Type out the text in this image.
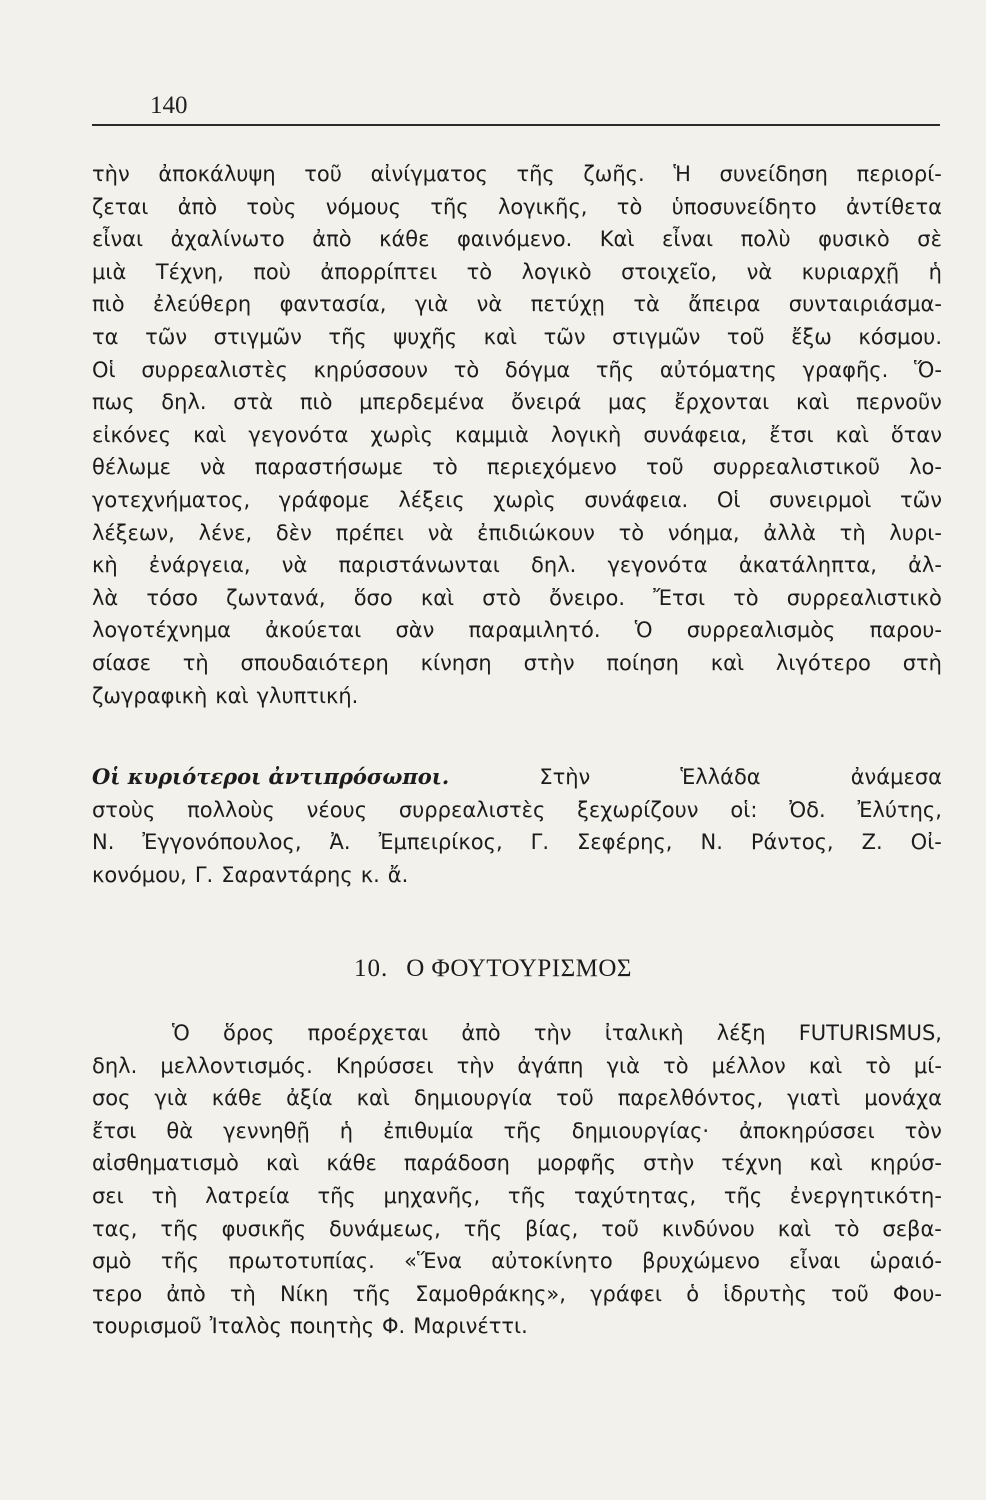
140
τὴν ἀποκάλυψη τοῦ αἰνίγματος τῆς ζωῆς. Ἡ συνείδηση περιορί-
ζεται ἀπὸ τοὺς νόμους τῆς λογικῆς, τὸ ὑποσυνείδητο ἀντίθετα
εἶναι ἀχαλίνωτο ἀπὸ κάθε φαινόμενο. Καὶ εἶναι πολὺ φυσικὸ σὲ
μιὰ Τέχνη, ποὺ ἀπορρίπτει τὸ λογικὸ στοιχεῖο, νὰ κυριαρχῇ ἡ
πιὸ ἐλεύθερη φαντασία, γιὰ νὰ πετύχῃ τὰ ἄπειρα συνταιριάσμα-
τα τῶν στιγμῶν τῆς ψυχῆς καὶ τῶν στιγμῶν τοῦ ἔξω κόσμου.
Οἱ συρρεαλιστὲς κηρύσσουν τὸ δόγμα τῆς αὐτόματης γραφῆς. Ὅ-
πως δηλ. στὰ πιὸ μπερδεμένα ὄνειρά μας ἔρχονται καὶ περνοῦν
εἰκόνες καὶ γεγονότα χωρὶς καμμιὰ λογικὴ συνάφεια, ἔτσι καὶ ὅταν
θέλωμε νὰ παραστήσωμε τὸ περιεχόμενο τοῦ συρρεαλιστικοῦ λο-
γοτεχνήματος, γράφομε λέξεις χωρὶς συνάφεια. Οἱ συνειρμοὶ τῶν
λέξεων, λένε, δὲν πρέπει νὰ ἐπιδιώκουν τὸ νόημα, ἀλλὰ τὴ λυρι-
κὴ ἐνάργεια, νὰ παριστάνωνται δηλ. γεγονότα ἀκατάληπτα, ἀλ-
λὰ τόσο ζωντανά, ὅσο καὶ στὸ ὄνειρο. Ἔτσι τὸ συρρεαλιστικὸ
λογοτέχνημα ἀκούεται σὰν παραμιλητό. Ὁ συρρεαλισμὸς παρου-
σίασε τὴ σπουδαιότερη κίνηση στὴν ποίηση καὶ λιγότερο στὴ
ζωγραφικὴ καὶ γλυπτική.
Οἱ κυριότεροι ἀντιπρόσωποι.	Στὴν	Ἑλλάδα	ἀνάμεσα
στοὺς πολλοὺς νέους συρρεαλιστὲς ξεχωρίζουν οἱ: Ὀδ. Ἐλύτης,
Ν. Ἐγγονόπουλος, Ἀ. Ἐμπειρίκος, Γ. Σεφέρης, Ν. Ράντος, Ζ. Οἰ-
κονόμου, Γ. Σαραντάρης κ. ἄ.
10. Ο ΦΟΥΤΟΥΡΙΣΜΟΣ
Ὁ ὅρος προέρχεται ἀπὸ τὴν ἰταλικὴ λέξη FUTURISMUS,
δηλ. μελλοντισμός. Κηρύσσει τὴν ἀγάπη γιὰ τὸ μέλλον καὶ τὸ μί-
σος γιὰ κάθε ἀξία καὶ δημιουργία τοῦ παρελθόντος, γιατὶ μονάχα
ἔτσι θὰ γεννηθῇ ἡ ἐπιθυμία τῆς δημιουργίας· ἀποκηρύσσει τὸν
αἰσθηματισμὸ καὶ κάθε παράδοση μορφῆς στὴν τέχνη καὶ κηρύσ-
σει τὴ λατρεία τῆς μηχανῆς, τῆς ταχύτητας, τῆς ἐνεργητικότη-
τας, τῆς φυσικῆς δυνάμεως, τῆς βίας, τοῦ κινδύνου καὶ τὸ σεβα-
σμὸ τῆς πρωτοτυπίας. «Ἕνα αὐτοκίνητο βρυχώμενο εἶναι ὡραιό-
τερο ἀπὸ τὴ Νίκη τῆς Σαμοθράκης», γράφει ὁ ἱδρυτὴς τοῦ Φου-
τουρισμοῦ Ἰταλὸς ποιητὴς Φ. Μαρινέττι.
